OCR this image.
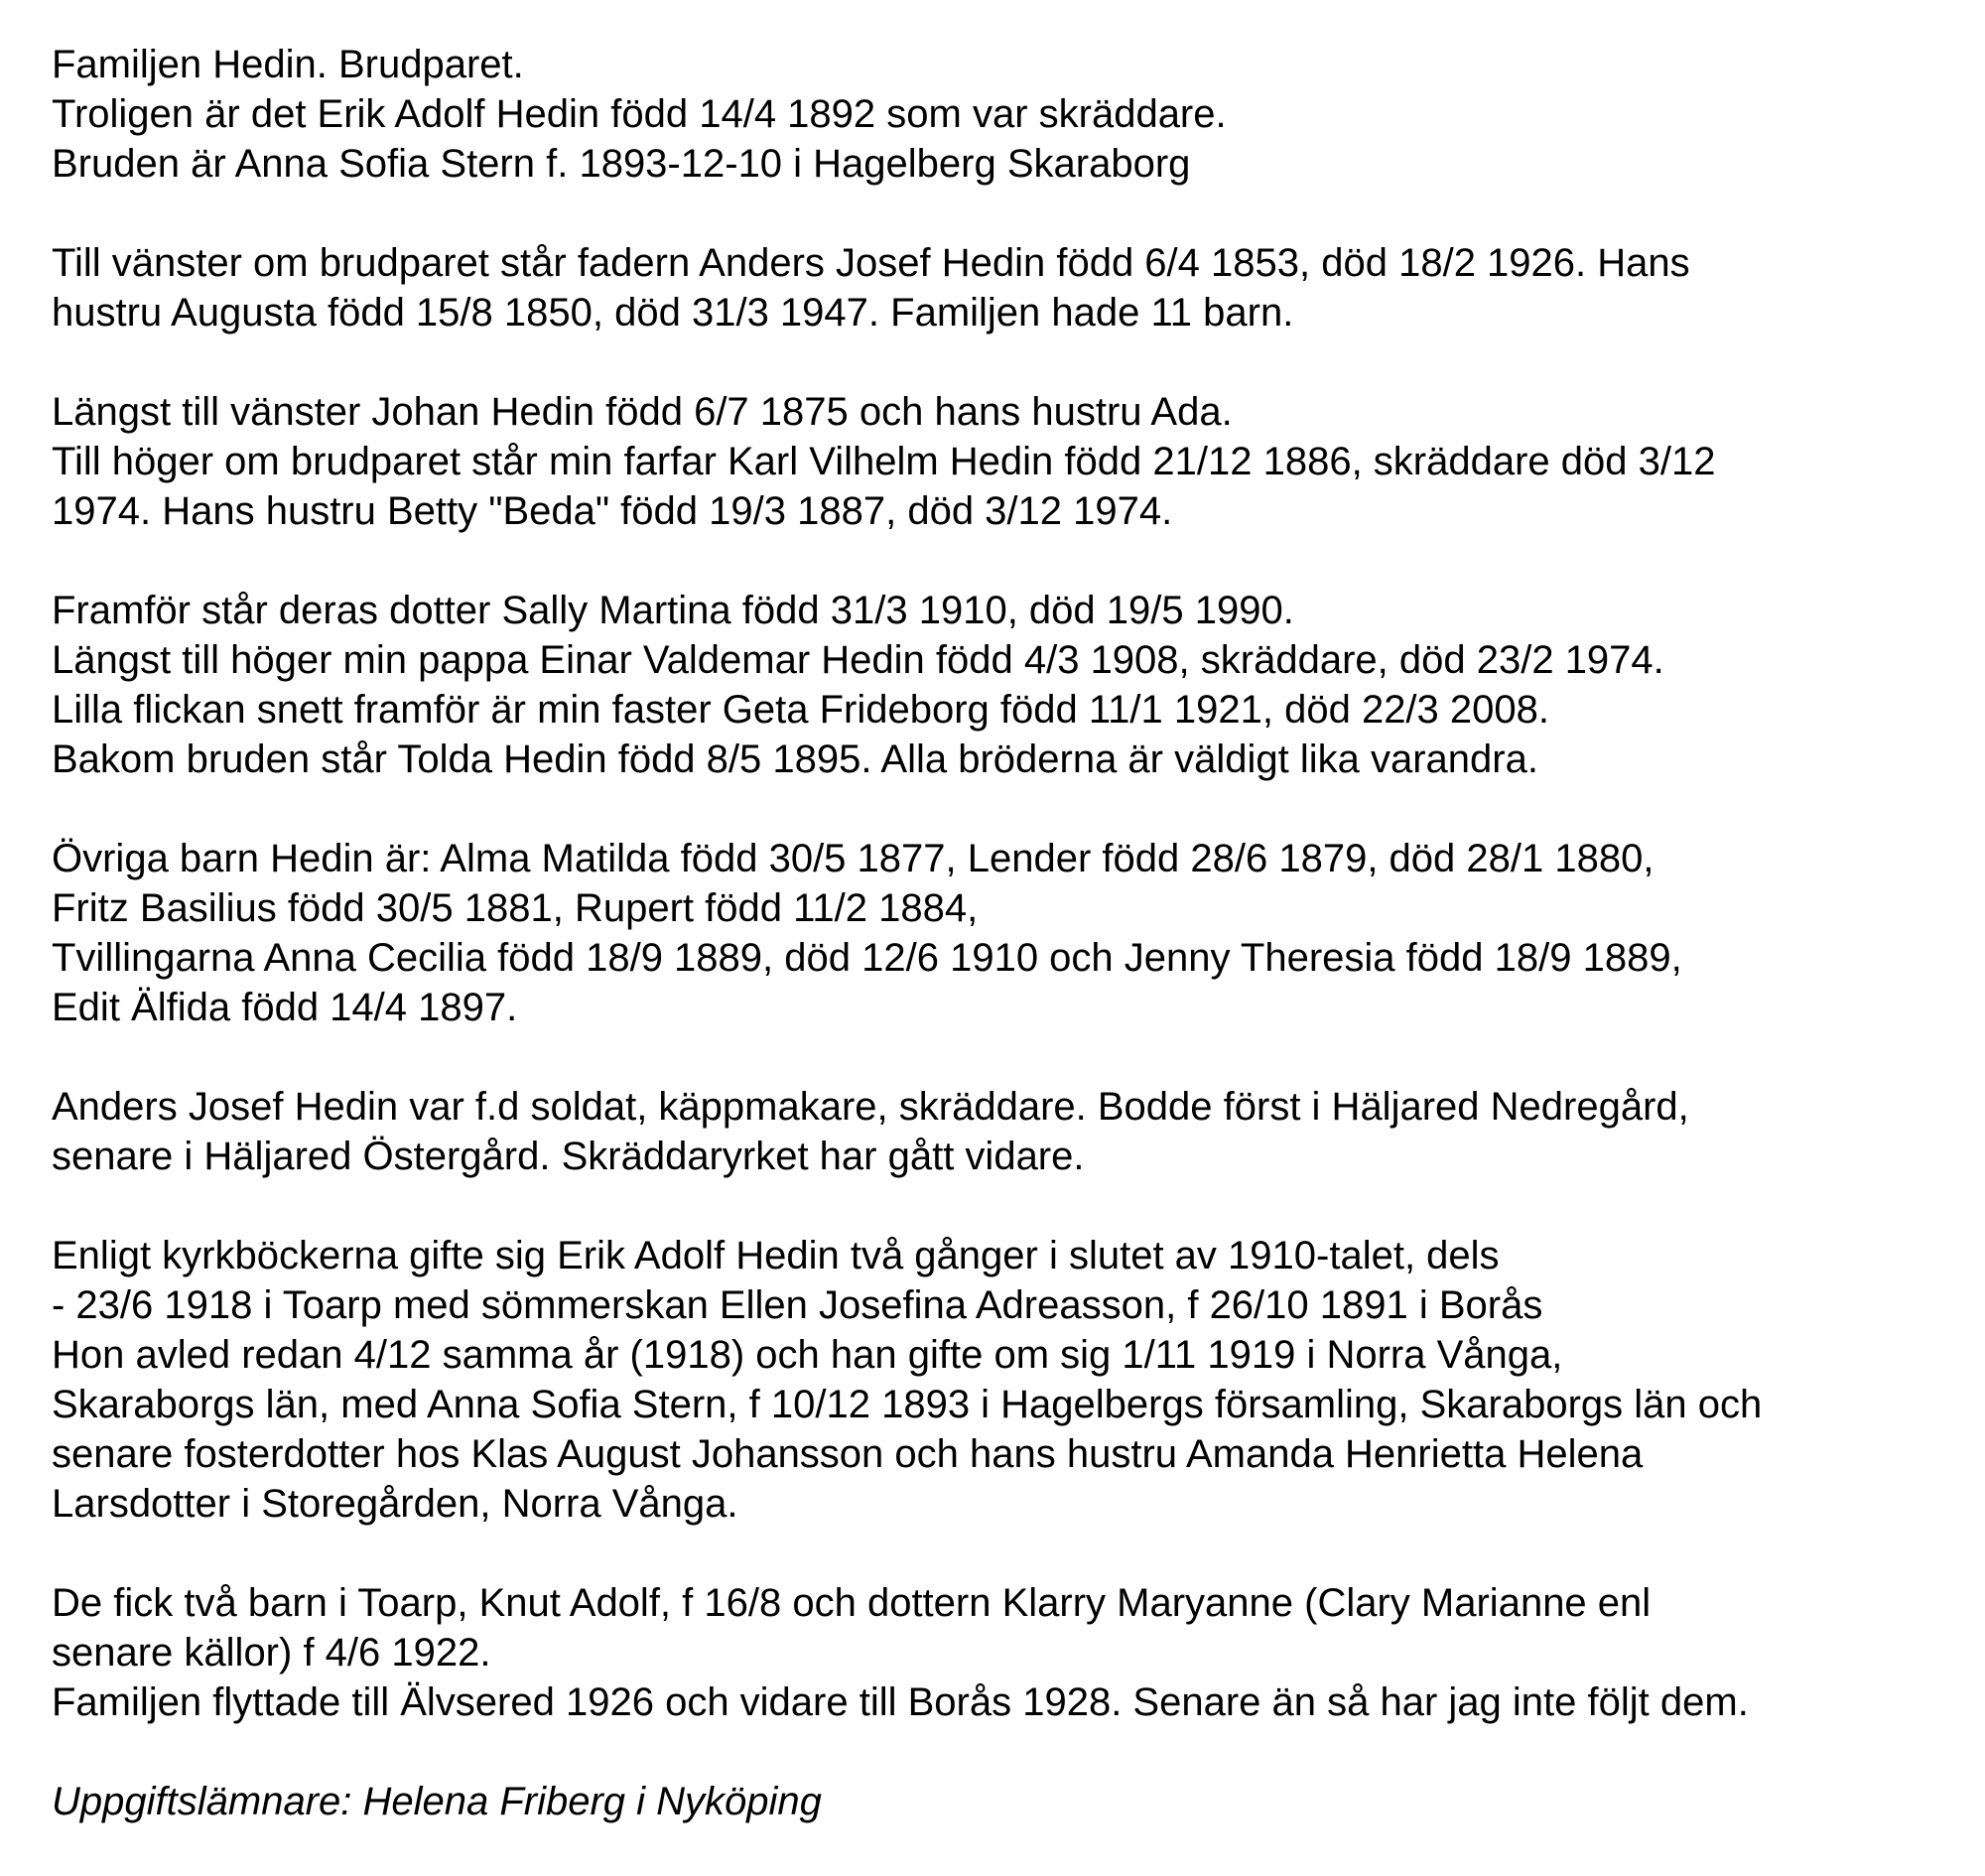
Familjen Hedin. Brudparet.
Troligen är det Erik Adolf Hedin född 14/4 1892 som var skräddare.
Bruden är Anna Sofia Stern f. 1893-12-10 i Hagelberg Skaraborg
Till vänster om brudparet står fadern Anders Josef Hedin född 6/4 1853, död 18/2 1926. Hans
hustru Augusta född 15/8 1850, död 31/3 1947. Familjen hade 11 barn.
Längst till vänster Johan Hedin född 6/7 1875 och hans hustru Ada.
Till höger om brudparet står min farfar Karl Vilhelm Hedin född 21/12 1886, skräddare död 3/12
1974. Hans hustru Betty "Beda" född 19/3 1887, död 3/12 1974.
Framför står deras dotter Sally Martina född 31/3 1910, död 19/5 1990.
Längst till höger min pappa Einar Valdemar Hedin född 4/3 1908, skräddare, död 23/2 1974.
Lilla flickan snett framför är min faster Geta Frideborg född 11/1 1921, död 22/3 2008.
Bakom bruden står Tolda Hedin född 8/5 1895. Alla bröderna är väldigt lika varandra.
Övriga barn Hedin är: Alma Matilda född 30/5 1877, Lender född 28/6 1879, död 28/1 1880,
Fritz Basilius född 30/5 1881, Rupert född 11/2 1884,
Tvillingarna Anna Cecilia född 18/9 1889, död 12/6 1910 och Jenny Theresia född 18/9 1889,
Edit Älfida född 14/4 1897.
Anders Josef Hedin var f.d soldat, käppmakare, skräddare. Bodde först i Häljared Nedregård,
senare i Häljared Östergård. Skräddaryrket har gått vidare.
Enligt kyrkböckerna gifte sig Erik Adolf Hedin två gånger i slutet av 1910-talet, dels
- 23/6 1918 i Toarp med sömmerskan Ellen Josefina Adreasson, f 26/10 1891 i Borås
Hon avled redan 4/12 samma år (1918) och han gifte om sig 1/11 1919 i Norra Vånga,
Skaraborgs län, med Anna Sofia Stern, f 10/12 1893 i Hagelbergs församling, Skaraborgs län och
senare fosterdotter hos Klas August Johansson och hans hustru Amanda Henrietta Helena
Larsdotter i Storegården, Norra Vånga.
De fick två barn i Toarp, Knut Adolf, f 16/8 och dottern Klarry Maryanne (Clary Marianne enl
senare källor) f 4/6 1922.
Familjen flyttade till Älvsered 1926 och vidare till Borås 1928. Senare än så har jag inte följt dem.
Uppgiftslämnare: Helena Friberg i Nyköping
